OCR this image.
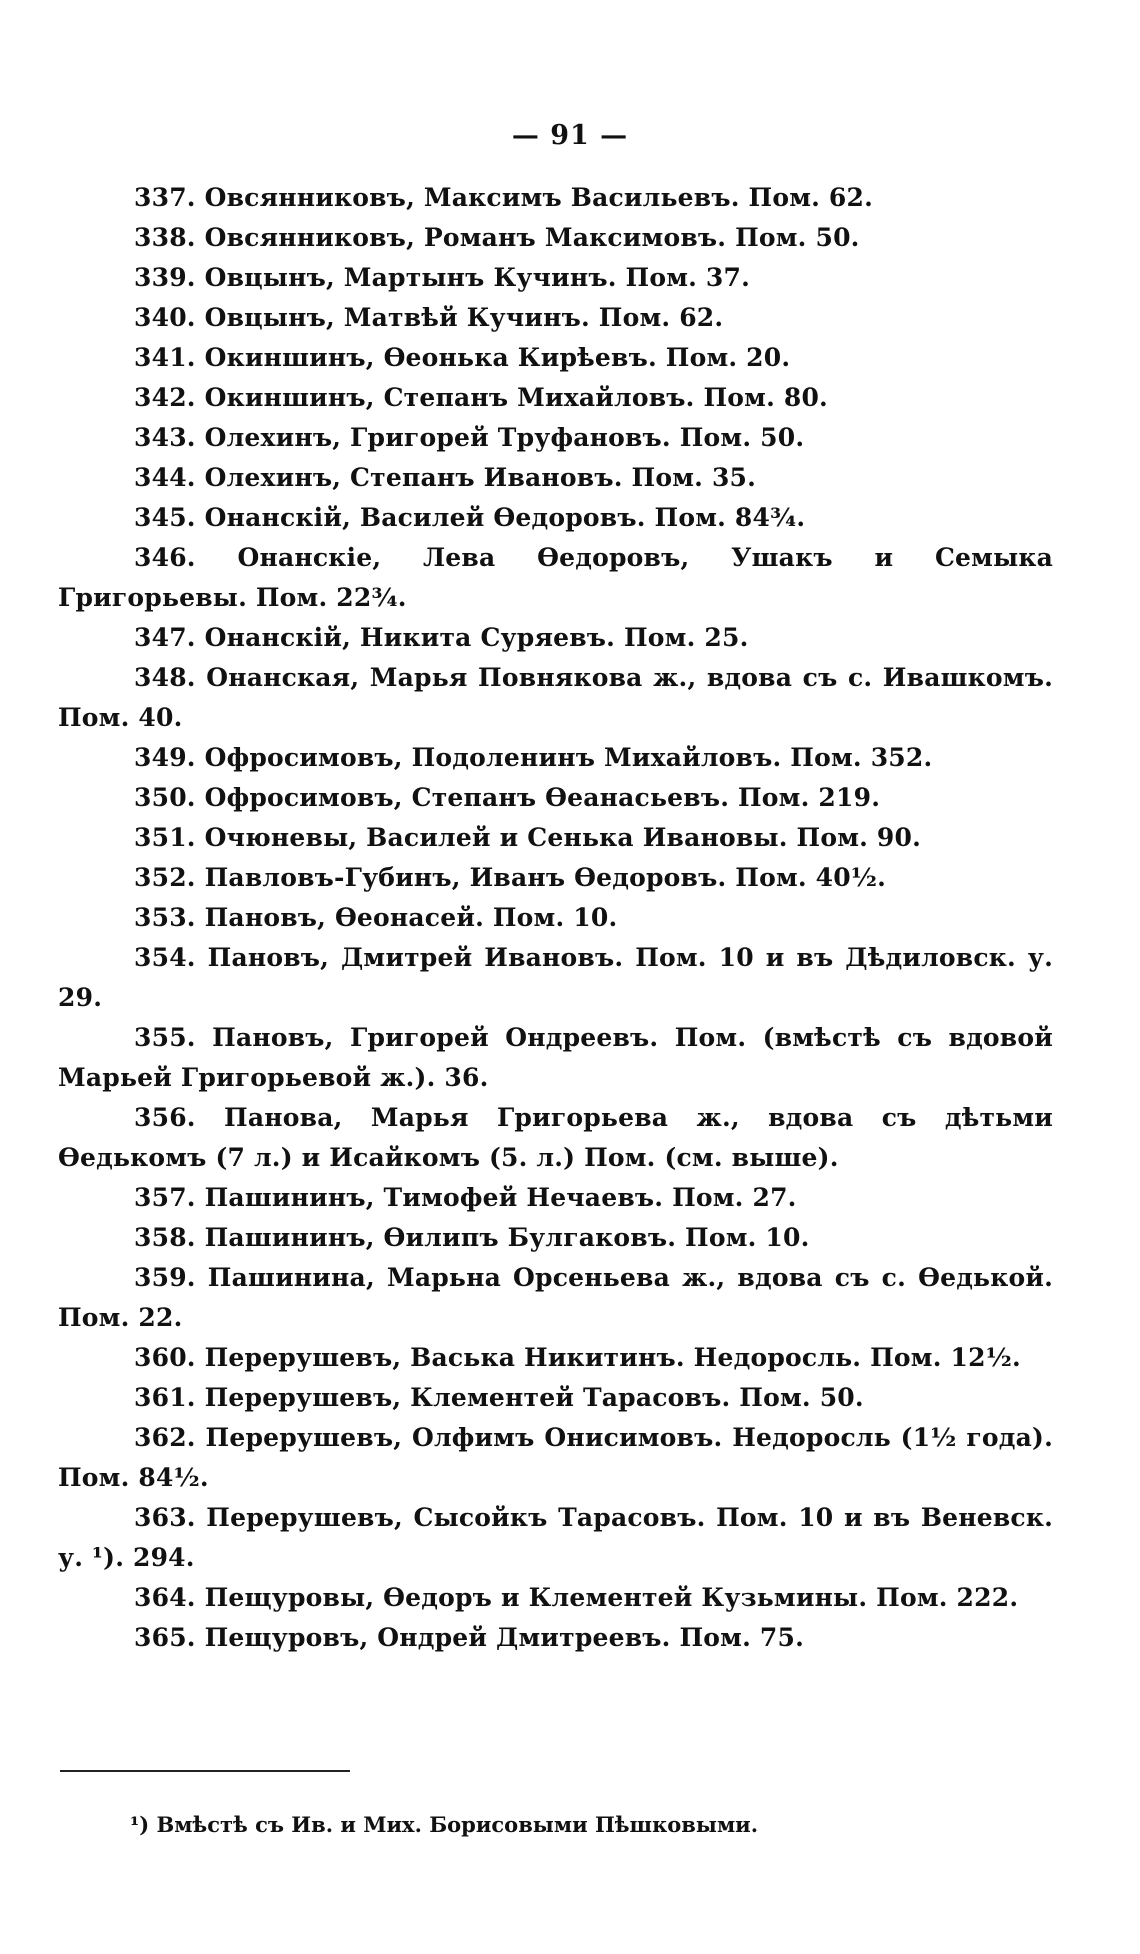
— 91 —

337. Овсянниковъ, Максимъ Васильевъ. Пом. 62.

338. Овсянниковъ, Романъ Максимовъ. Пом. 50.

339. Овцынъ, Мартынъ Кучинъ. Пом. 37.

340. Овцынъ, Матвѣй Кучинъ. Пом. 62.

341. Окиншинъ, Өеонька Кирѣевъ. Пом. 20.

342. Окиншинъ, Степанъ Михайловъ. Пом. 80.

343. Олехинъ, Григорей Труфановъ. Пом. 50.

344. Олехинъ, Степанъ Ивановъ. Пом. 35.

345. Онанскій, Василей Өедоровъ. Пом. 84¾.

346. Онанскіе, Лева Өедоровъ, Ушакъ и Семыка Григорьевы. Пом. 22¾.

347. Онанскій, Никита Суряевъ. Пом. 25.

348. Онанская, Марья Повнякова ж., вдова съ с. Ивашкомъ. Пом. 40.

349. Офросимовъ, Подоленинъ Михайловъ. Пом. 352.

350. Офросимовъ, Степанъ Өеанасьевъ. Пом. 219.

351. Очюневы, Василей и Сенька Ивановы. Пом. 90.

352. Павловъ-Губинъ, Иванъ Өедоровъ. Пом. 40½.

353. Пановъ, Өеонасей. Пом. 10.

354. Пановъ, Дмитрей Ивановъ. Пом. 10 и въ Дѣдиловск. у. 29.

355. Пановъ, Григорей Ондреевъ. Пом. (вмѣстѣ съ вдовой Марьей Григорьевой ж.). 36.

356. Панова, Марья Григорьева ж., вдова съ дѣтьми Өедькомъ (7 л.) и Исайкомъ (5. л.) Пом. (см. выше).

357. Пашининъ, Тимофей Нечаевъ. Пом. 27.

358. Пашининъ, Өилипъ Булгаковъ. Пом. 10.

359. Пашинина, Марьна Орсеньева ж., вдова съ с. Өедькой. Пом. 22.

360. Перерушевъ, Васька Никитинъ. Недоросль. Пом. 12½.

361. Перерушевъ, Клементей Тарасовъ. Пом. 50.

362. Перерушевъ, Олфимъ Онисимовъ. Недоросль (1½ года). Пом. 84½.

363. Перерушевъ, Сысойкъ Тарасовъ. Пом. 10 и въ Веневск. у. ¹). 294.

364. Пещуровы, Өедоръ и Клементей Кузьмины. Пом. 222.

365. Пещуровъ, Ондрей Дмитреевъ. Пом. 75.

¹) Вмѣстѣ съ Ив. и Мих. Борисовыми Пѣшковыми.
